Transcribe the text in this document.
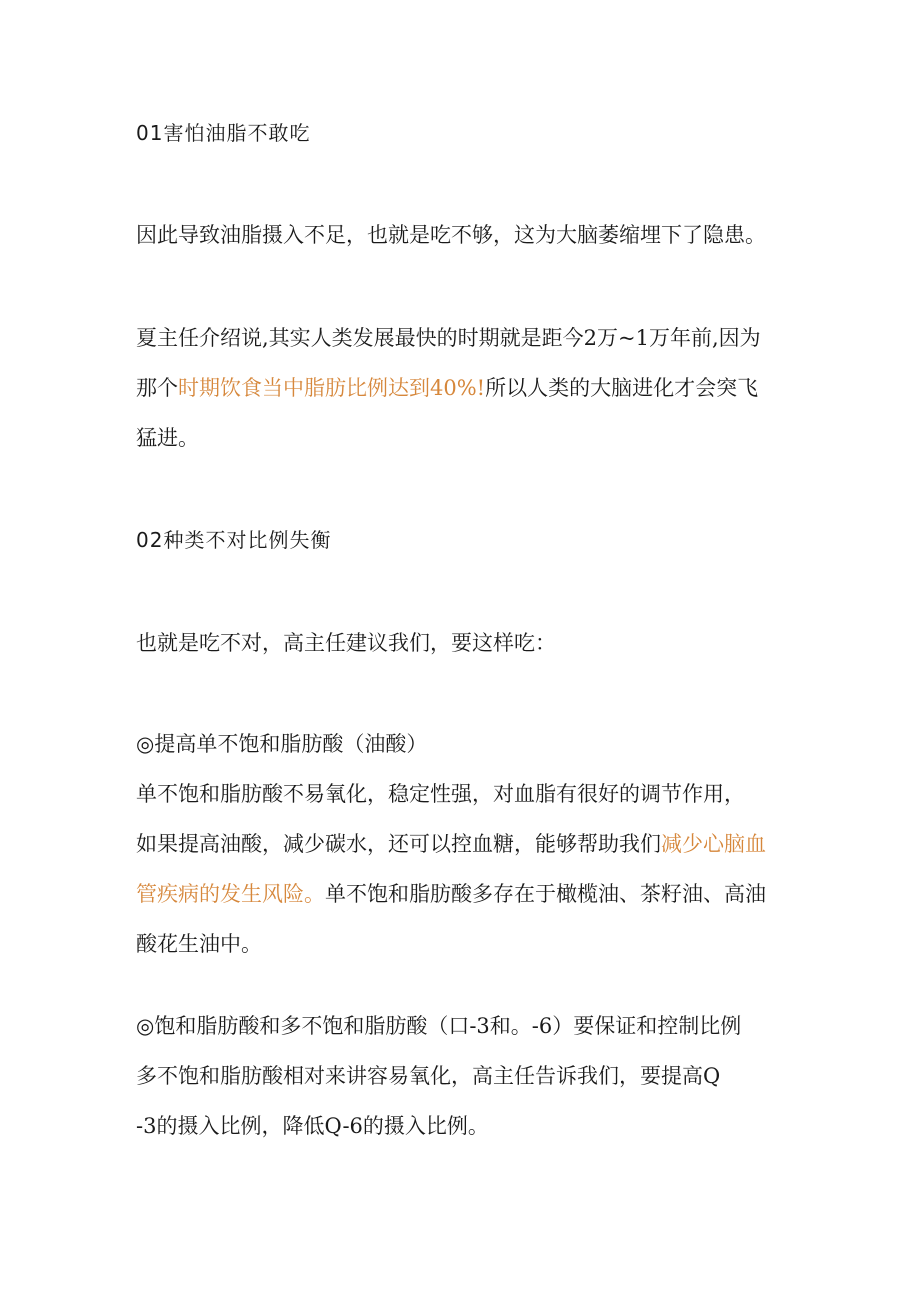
01害怕油脂不敢吃
因此导致油脂摄入不足，也就是吃不够，这为大脑萎缩埋下了隐患。
夏主任介绍说,其实人类发展最快的时期就是距今2万~1万年前,因为
那个时期饮食当中脂肪比例达到40%!所以人类的大脑进化才会突飞
猛进。
02种类不对比例失衡
也就是吃不对，高主任建议我们，要这样吃：
◎提高单不饱和脂肪酸（油酸）
单不饱和脂肪酸不易氧化，稳定性强，对血脂有很好的调节作用，
如果提高油酸，减少碳水，还可以控血糖，能够帮助我们减少心脑血
管疾病的发生风险。单不饱和脂肪酸多存在于橄榄油、茶籽油、高油
酸花生油中。
◎饱和脂肪酸和多不饱和脂肪酸（口-3和。-6）要保证和控制比例
多不饱和脂肪酸相对来讲容易氧化，高主任告诉我们，要提高Q
-3的摄入比例，降低Q-6的摄入比例。
